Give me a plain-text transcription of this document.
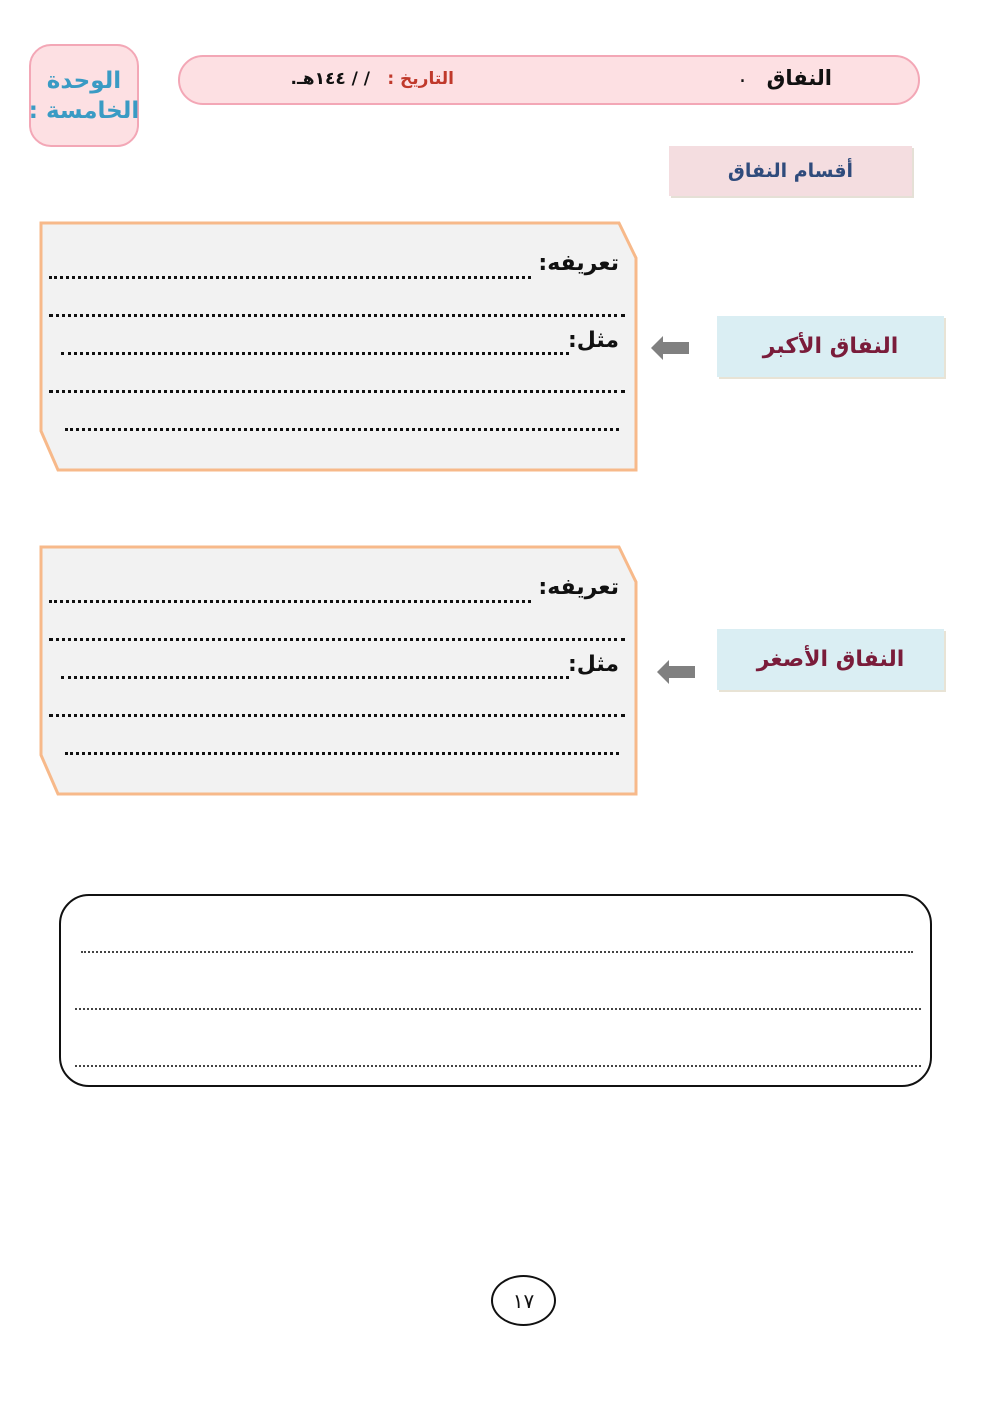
الوحدة
الخامسة :
النفاق
.
التاريخ :
/ / ١٤٤هـ.
أقسام النفاق
النفاق الأكبر
تعريفه:
مثل:
النفاق الأصغر
تعريفه:
مثل:
١٧
